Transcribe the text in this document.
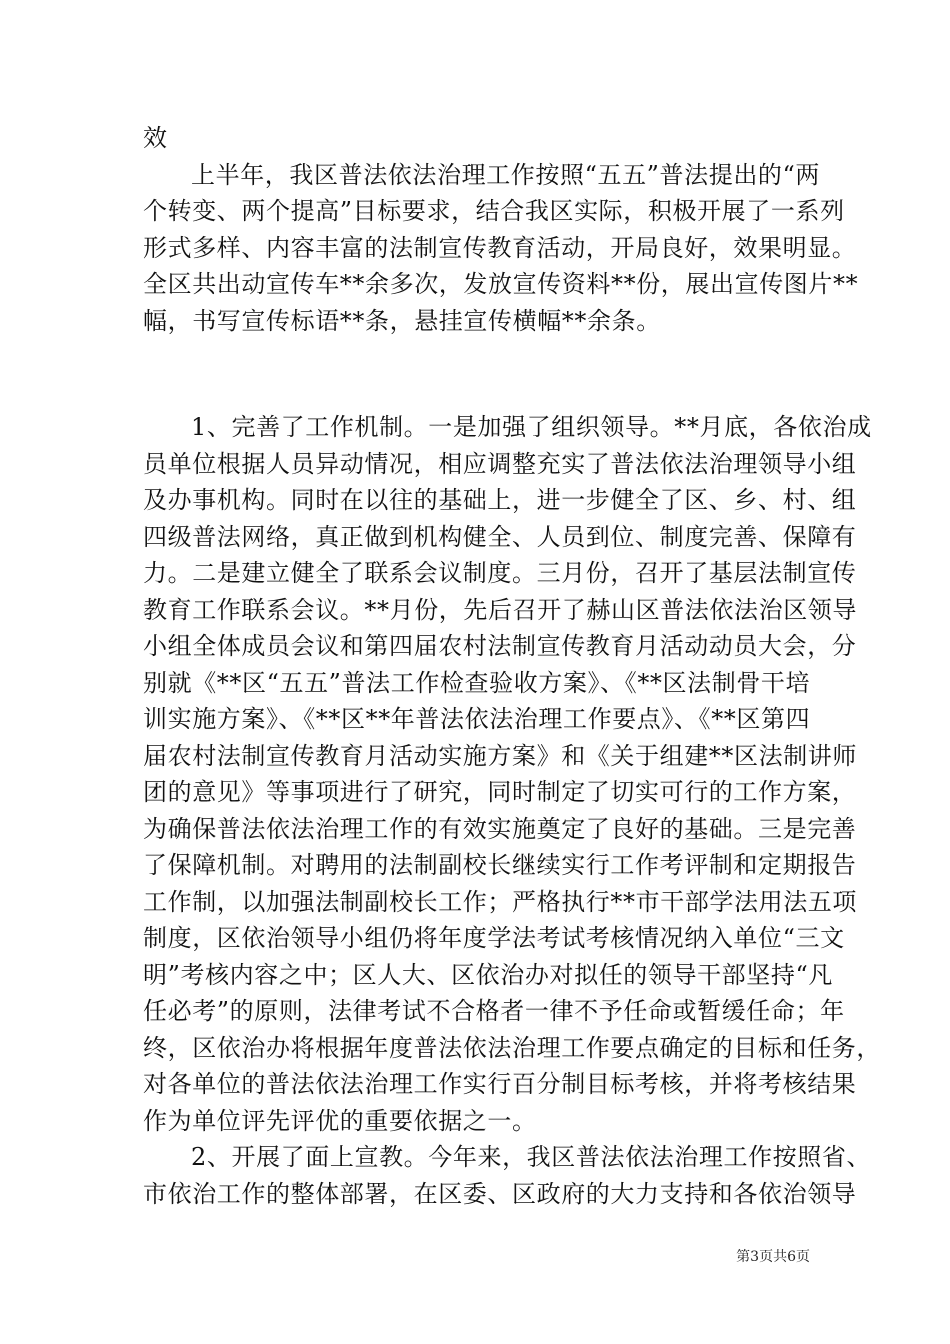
效
上半年，我区普法依法治理工作按照“五五”普法提出的“两
个转变、两个提高”目标要求，结合我区实际，积极开展了一系列
形式多样、内容丰富的法制宣传教育活动，开局良好，效果明显。
全区共出动宣传车**余多次，发放宣传资料**份，展出宣传图片**
幅，书写宣传标语**条，悬挂宣传横幅**余条。
1、完善了工作机制。一是加强了组织领导。**月底，各依治成
员单位根据人员异动情况，相应调整充实了普法依法治理领导小组
及办事机构。同时在以往的基础上，进一步健全了区、乡、村、组
四级普法网络，真正做到机构健全、人员到位、制度完善、保障有
力。二是建立健全了联系会议制度。三月份，召开了基层法制宣传
教育工作联系会议。**月份，先后召开了赫山区普法依法治区领导
小组全体成员会议和第四届农村法制宣传教育月活动动员大会，分
别就《**区“五五”普法工作检查验收方案》、《**区法制骨干培
训实施方案》、《**区**年普法依法治理工作要点》、《**区第四
届农村法制宣传教育月活动实施方案》和《关于组建**区法制讲师
团的意见》等事项进行了研究，同时制定了切实可行的工作方案，
为确保普法依法治理工作的有效实施奠定了良好的基础。三是完善
了保障机制。对聘用的法制副校长继续实行工作考评制和定期报告
工作制，以加强法制副校长工作；严格执行**市干部学法用法五项
制度，区依治领导小组仍将年度学法考试考核情况纳入单位“三文
明”考核内容之中；区人大、区依治办对拟任的领导干部坚持“凡
任必考”的原则，法律考试不合格者一律不予任命或暂缓任命；年
终，区依治办将根据年度普法依法治理工作要点确定的目标和任务，
对各单位的普法依法治理工作实行百分制目标考核，并将考核结果
作为单位评先评优的重要依据之一。
2、开展了面上宣教。今年来，我区普法依法治理工作按照省、
市依治工作的整体部署，在区委、区政府的大力支持和各依治领导
第3页共6页
